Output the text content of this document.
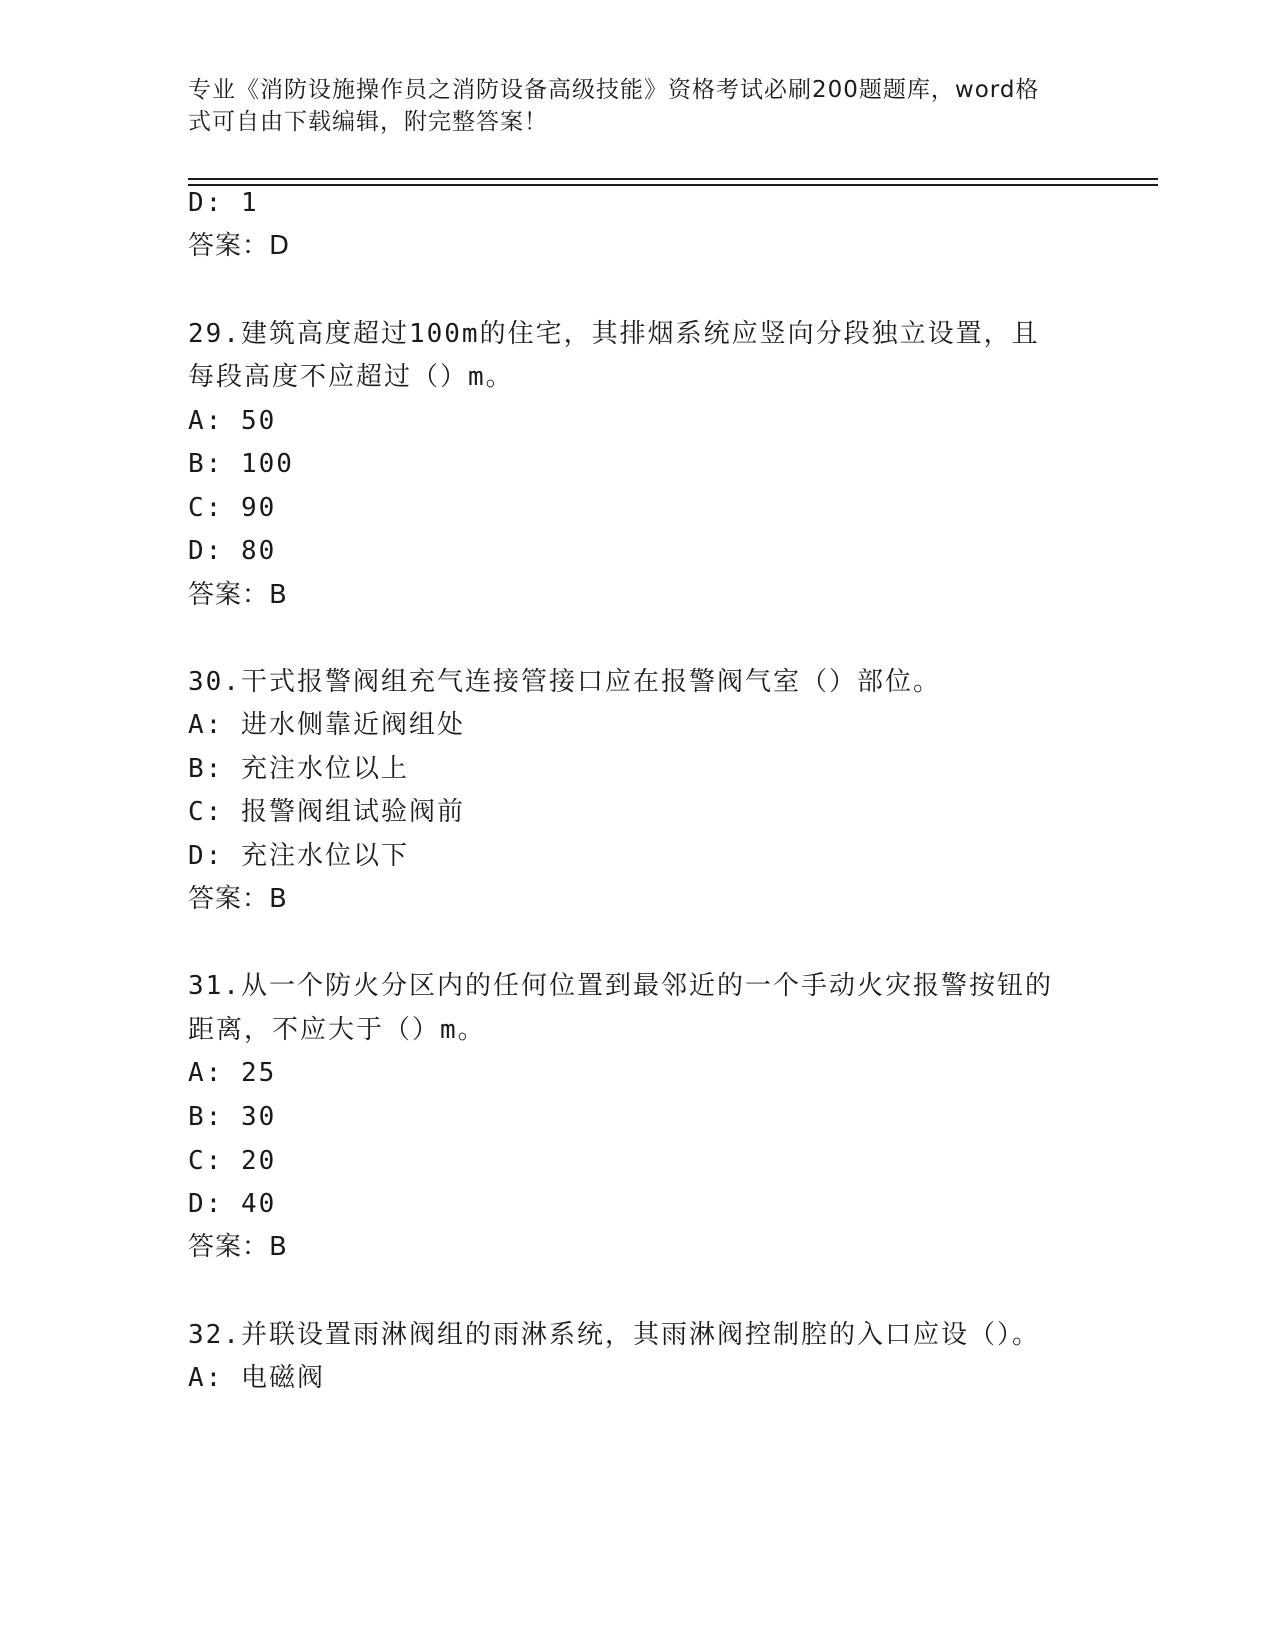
专业《消防设施操作员之消防设备高级技能》资格考试必刷200题题库，word格
式可自由下载编辑，附完整答案！
D: 1
答案：D
29.建筑高度超过100m的住宅，其排烟系统应竖向分段独立设置，且
每段高度不应超过（）m。
A: 50
B: 100
C: 90
D: 80
答案：B
30.干式报警阀组充气连接管接口应在报警阀气室（）部位。
A: 进水侧靠近阀组处
B: 充注水位以上
C: 报警阀组试验阀前
D: 充注水位以下
答案：B
31.从一个防火分区内的任何位置到最邻近的一个手动火灾报警按钮的
距离，不应大于（）m。
A: 25
B: 30
C: 20
D: 40
答案：B
32.并联设置雨淋阀组的雨淋系统，其雨淋阀控制腔的入口应设（）。
A: 电磁阀
